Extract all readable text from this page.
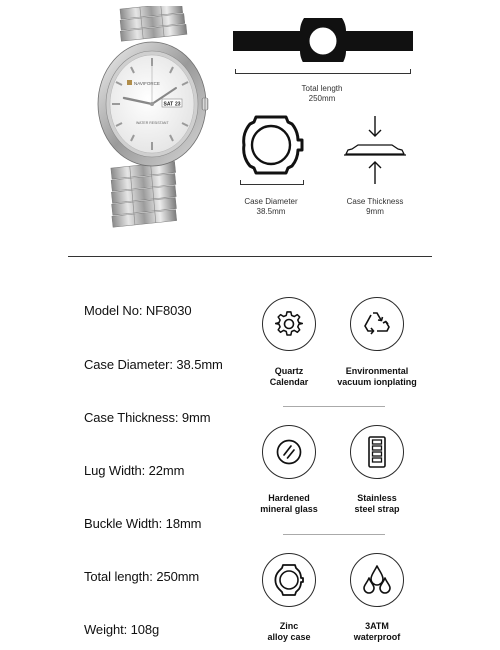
NAVIFORCE
WATER RESISTANT
SAT 23
Total length
250mm
Case Diameter
38.5mm
Case Thickness
9mm
Model No: NF8030
Case Diameter: 38.5mm
Case Thickness: 9mm
Lug Width: 22mm
Buckle Width: 18mm
Total length: 250mm
Weight: 108g
Quartz
Calendar
Environmental
vacuum ionplating
Hardened
mineral glass
Stainless
steel strap
Zinc
alloy case
3ATM
waterproof
